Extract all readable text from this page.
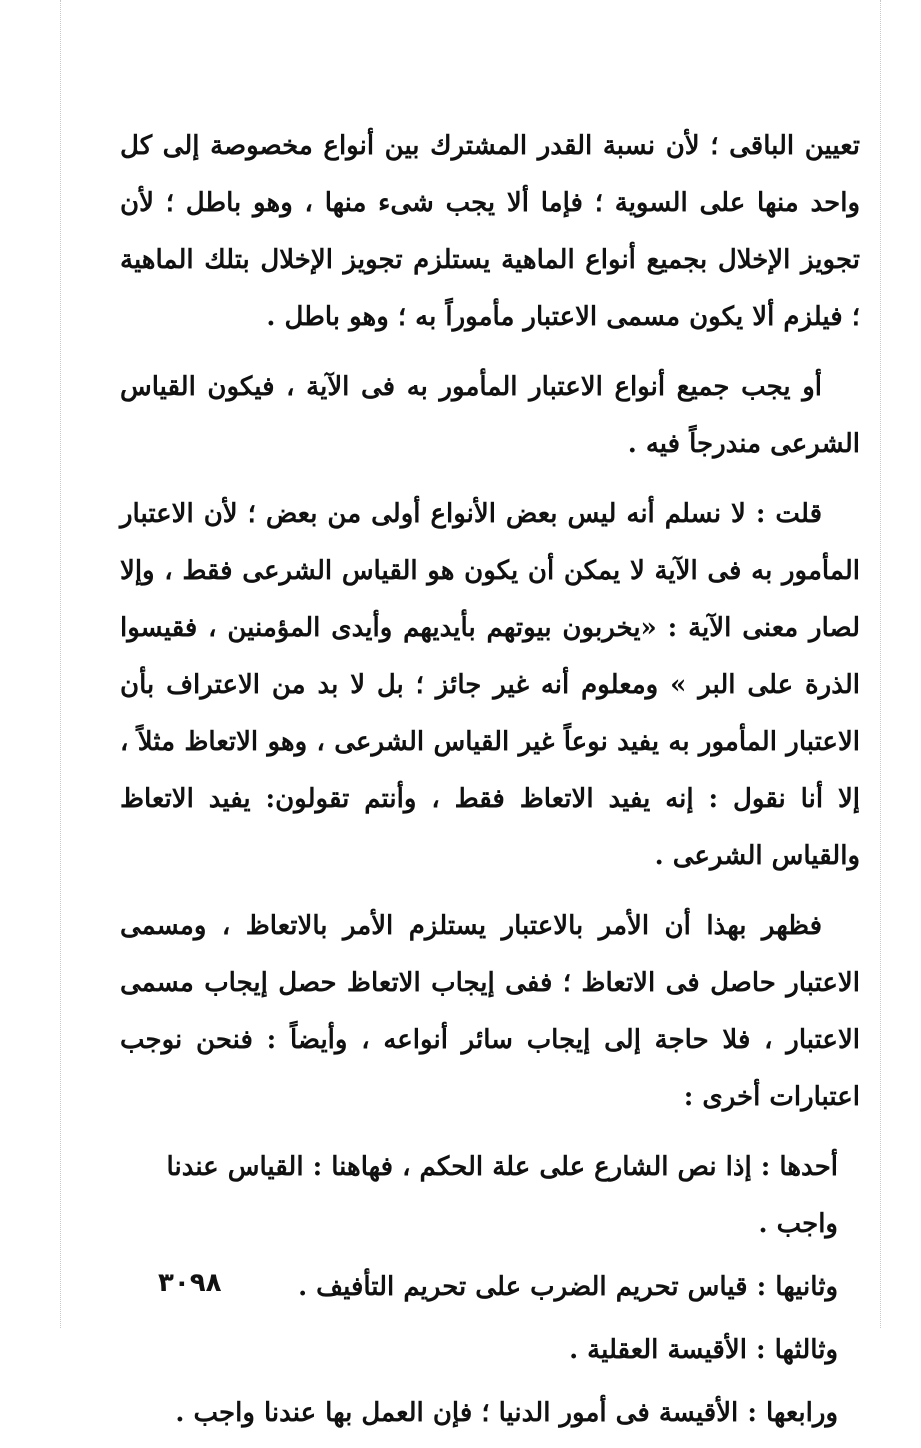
تعيين الباقى ؛ لأن نسبة القدر المشترك بين أنواع مخصوصة إلى كل واحد منها على السوية ؛ فإما ألا يجب شىء منها ، وهو باطل ؛ لأن تجويز الإخلال بجميع أنواع الماهية يستلزم تجويز الإخلال بتلك الماهية ؛ فيلزم ألا يكون مسمى الاعتبار مأموراً به ؛ وهو باطل .

أو يجب جميع أنواع الاعتبار المأمور به فى الآية ، فيكون القياس الشرعى مندرجاً فيه .

قلت : لا نسلم أنه ليس بعض الأنواع أولى من بعض ؛ لأن الاعتبار المأمور به فى الآية لا يمكن أن يكون هو القياس الشرعى فقط ، وإلا لصار معنى الآية : «يخربون بيوتهم بأيديهم وأيدى المؤمنين ، فقيسوا الذرة على البر » ومعلوم أنه غير جائز ؛ بل لا بد من الاعتراف بأن الاعتبار المأمور به يفيد نوعاً غير القياس الشرعى ، وهو الاتعاظ مثلاً ، إلا أنا نقول : إنه يفيد الاتعاظ فقط ، وأنتم تقولون: يفيد الاتعاظ والقياس الشرعى .

فظهر بهذا أن الأمر بالاعتبار يستلزم الأمر بالاتعاظ ، ومسمى الاعتبار حاصل فى الاتعاظ ؛ ففى إيجاب الاتعاظ حصل إيجاب مسمى الاعتبار ، فلا حاجة إلى إيجاب سائر أنواعه ، وأيضاً : فنحن نوجب اعتبارات أخرى :

أحدها : إذا نص الشارع على علة الحكم ، فهاهنا : القياس عندنا واجب .

وثانيها : قياس تحريم الضرب على تحريم التأفيف .

وثالثها : الأقيسة العقلية .

ورابعها : الأقيسة فى أمور الدنيا ؛ فإن العمل بها عندنا واجب .

٣٠٩٨
